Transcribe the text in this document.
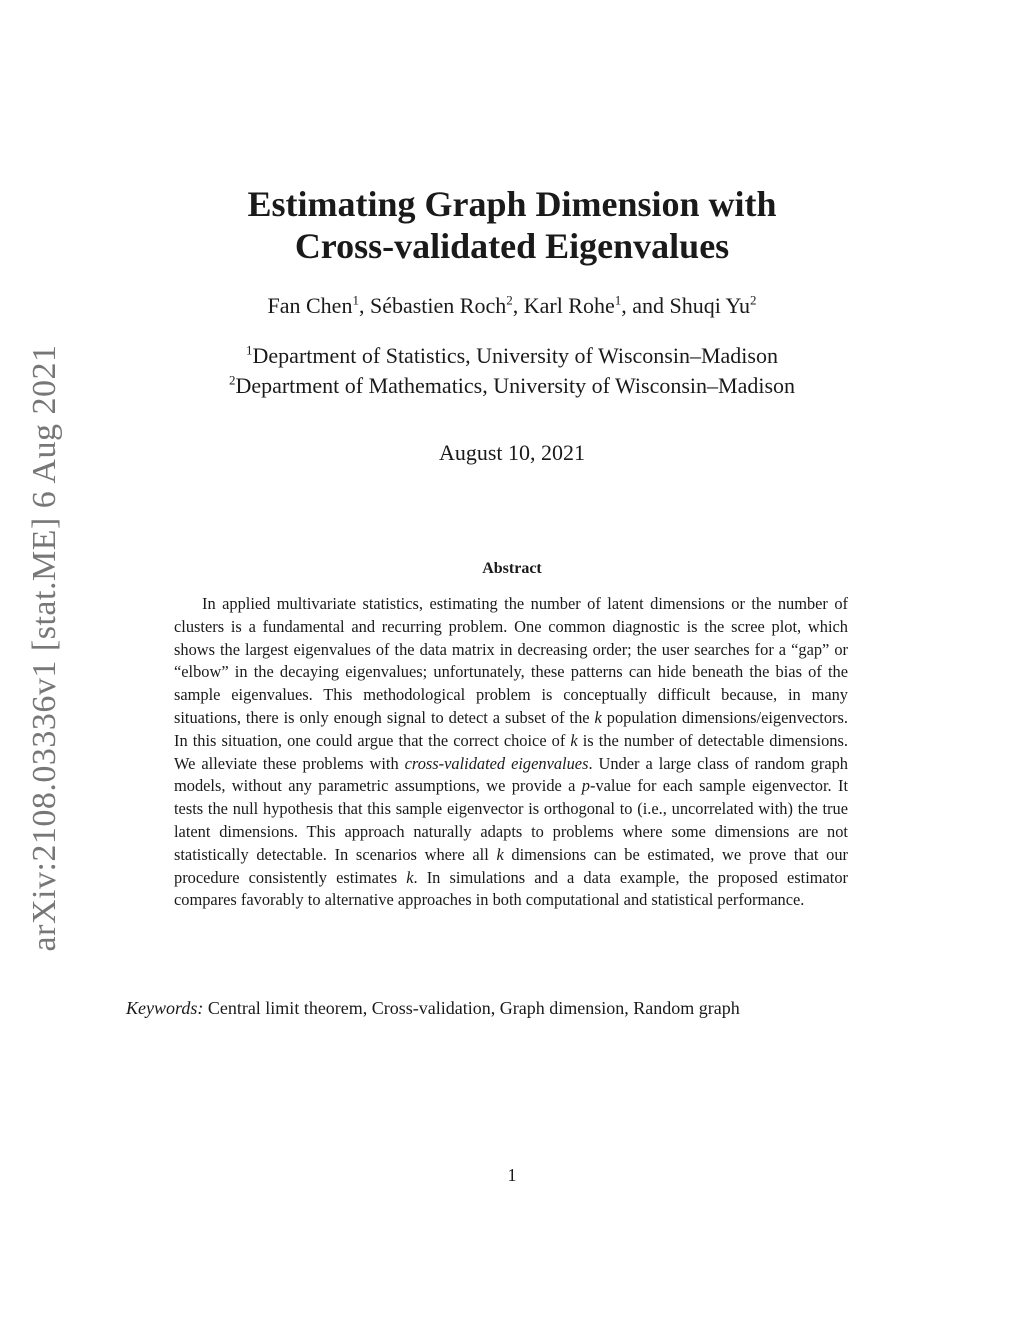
arXiv:2108.03336v1 [stat.ME] 6 Aug 2021
Estimating Graph Dimension with
Cross-validated Eigenvalues
Fan Chen$^1$, Sébastien Roch$^2$, Karl Rohe$^1$, and Shuqi Yu$^2$
$^1$Department of Statistics, University of Wisconsin–Madison
$^2$Department of Mathematics, University of Wisconsin–Madison
August 10, 2021
Abstract

In applied multivariate statistics, estimating the number of latent dimensions or the number of clusters is a fundamental and recurring problem. One common diagnostic is the scree plot, which shows the largest eigenvalues of the data matrix in decreasing order; the user searches for a “gap” or “elbow” in the decaying eigenvalues; unfortunately, these patterns can hide beneath the bias of the sample eigenvalues. This methodological problem is conceptually difficult because, in many situations, there is only enough signal to detect a subset of the k population dimensions/eigenvectors. In this situation, one could argue that the correct choice of k is the number of detectable dimensions. We alleviate these problems with cross-validated eigenvalues. Under a large class of random graph models, without any parametric assumptions, we provide a p-value for each sample eigenvector. It tests the null hypothesis that this sample eigenvector is orthogonal to (i.e., uncorrelated with) the true latent dimensions. This approach naturally adapts to problems where some dimensions are not statistically detectable. In scenarios where all k dimensions can be estimated, we prove that our procedure consistently estimates k. In simulations and a data example, the proposed estimator compares favorably to alternative approaches in both computational and statistical performance.

Keywords: Central limit theorem, Cross-validation, Graph dimension, Random graph
1
